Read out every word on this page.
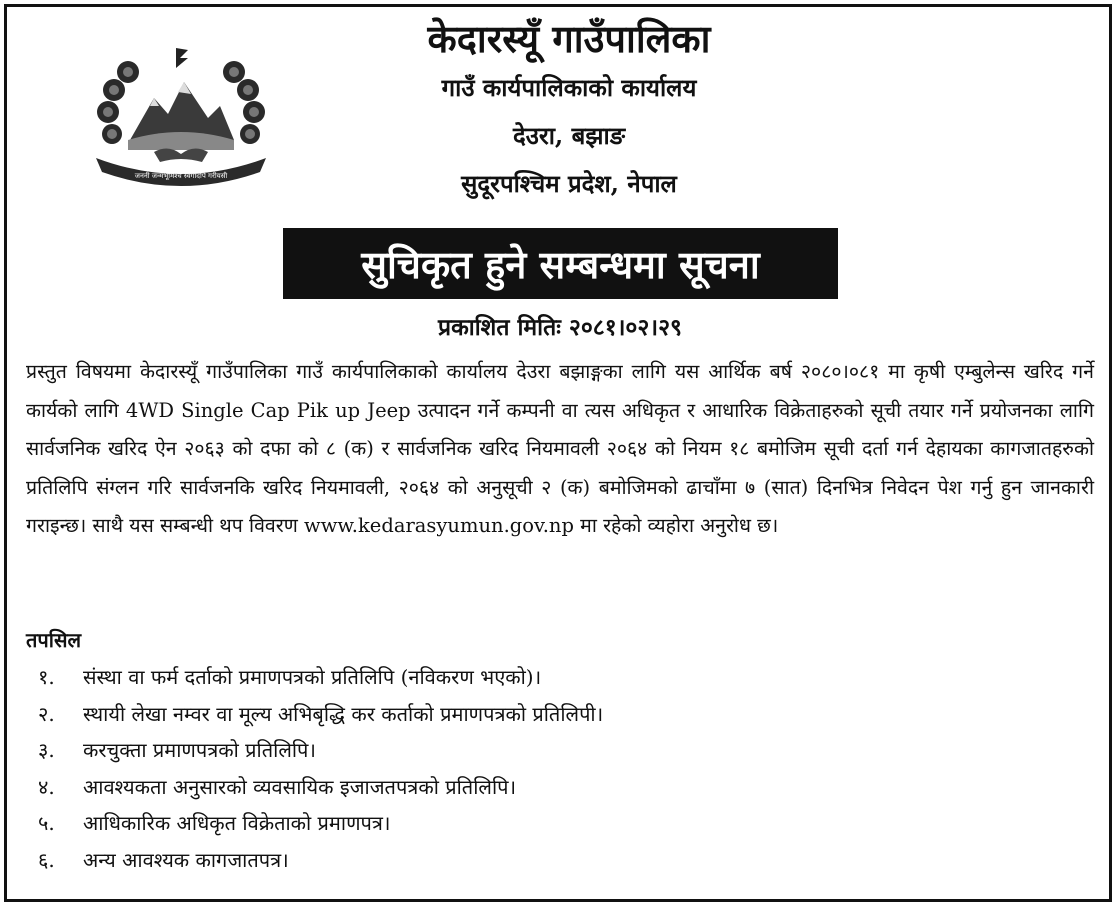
जननी जन्मभूमिश्च स्वर्गादपि गरीयसी

केदारस्यूँ गाउँपालिका

गाउँ कार्यपालिकाको कार्यालय

देउरा, बझाङ

सुदूरपश्चिम प्रदेश, नेपाल

सुचिकृत हुने सम्बन्धमा सूचना
प्रकाशित मितिः २०८१।०२।२९

प्रस्तुत विषयमा केदारस्यूँ गाउँपालिका गाउँ कार्यपालिकाको कार्यालय देउरा बझाङ्गका लागि यस आर्थिक बर्ष २०८०।०८१ मा कृषी एम्बुलेन्स खरिद गर्ने कार्यको लागि 4WD Single Cap Pik up Jeep उत्पादन गर्ने कम्पनी वा त्यस अधिकृत र आधारिक विक्रेताहरुको सूची तयार गर्ने प्रयोजनका लागि सार्वजनिक खरिद ऐन २०६३ को दफा को ८ (क) र सार्वजनिक खरिद नियमावली २०६४ को नियम १८ बमोजिम सूची दर्ता गर्न देहायका कागजातहरुको प्रतिलिपि संग्लन गरि सार्वजनकि खरिद नियमावली, २०६४ को अनुसूची २ (क) बमोजिमको ढाचाँमा ७ (सात) दिनभित्र निवेदन पेश गर्नु हुन जानकारी गराइन्छ। साथै यस सम्बन्धी थप विवरण www.kedarasyumun.gov.np मा रहेको व्यहोरा अनुरोध छ।

तपसिल

१.	संस्था वा फर्म दर्ताको प्रमाणपत्रको प्रतिलिपि (नविकरण भएको)।
२.	स्थायी लेखा नम्वर वा मूल्य अभिबृद्धि कर कर्ताको प्रमाणपत्रको प्रतिलिपी।
३.	करचुक्ता प्रमाणपत्रको प्रतिलिपि।
४.	आवश्यकता अनुसारको व्यवसायिक इजाजतपत्रको प्रतिलिपि।
५.	आधिकारिक अधिकृत विक्रेताको प्रमाणपत्र।
६.	अन्य आवश्यक कागजातपत्र।
